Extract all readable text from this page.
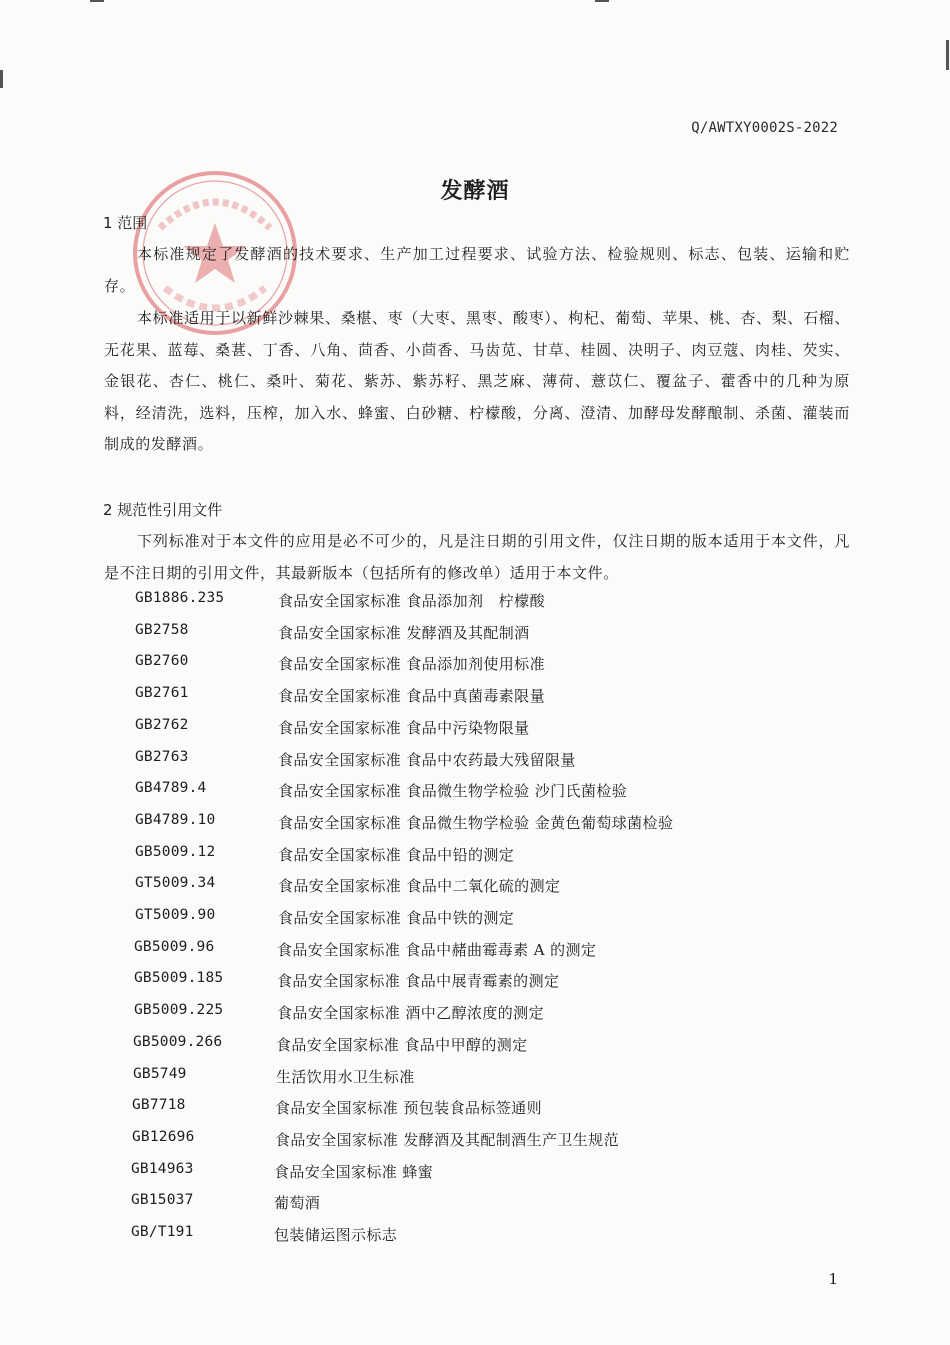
Q/AWTXY0002S-2022
发酵酒
1 范围

本标准规定了发酵酒的技术要求、生产加工过程要求、试验方法、检验规则、标志、包装、运输和贮存。

本标准适用于以新鲜沙棘果、桑椹、枣（大枣、黑枣、酸枣）、枸杞、葡萄、苹果、桃、杏、梨、石榴、无花果、蓝莓、桑葚、丁香、八角、茴香、小茴香、马齿苋、甘草、桂圆、决明子、肉豆蔻、肉桂、芡实、金银花、杏仁、桃仁、桑叶、菊花、紫苏、紫苏籽、黑芝麻、薄荷、薏苡仁、覆盆子、藿香中的几种为原料，经清洗，选料，压榨，加入水、蜂蜜、白砂糖、柠檬酸，分离、澄清、加酵母发酵酿制、杀菌、灌装而制成的发酵酒。

2 规范性引用文件

下列标准对于本文件的应用是必不可少的，凡是注日期的引用文件，仅注日期的版本适用于本文件，凡是不注日期的引用文件，其最新版本（包括所有的修改单）适用于本文件。

GB1886.235	食品安全国家标准 食品添加剂　柠檬酸
GB2758	食品安全国家标准 发酵酒及其配制酒
GB2760	食品安全国家标准 食品添加剂使用标准
GB2761	食品安全国家标准 食品中真菌毒素限量
GB2762	食品安全国家标准 食品中污染物限量
GB2763	食品安全国家标准 食品中农药最大残留限量
GB4789.4	食品安全国家标准 食品微生物学检验 沙门氏菌检验
GB4789.10	食品安全国家标准 食品微生物学检验 金黄色葡萄球菌检验
GB5009.12	食品安全国家标准 食品中铅的测定
GT5009.34	食品安全国家标准 食品中二氧化硫的测定
GT5009.90	食品安全国家标准 食品中铁的测定
GB5009.96	食品安全国家标准 食品中赭曲霉毒素 A 的测定
GB5009.185	食品安全国家标准 食品中展青霉素的测定
GB5009.225	食品安全国家标准 酒中乙醇浓度的测定
GB5009.266	食品安全国家标准 食品中甲醇的测定
GB5749	生活饮用水卫生标准
GB7718	食品安全国家标准 预包装食品标签通则
GB12696	食品安全国家标准 发酵酒及其配制酒生产卫生规范
GB14963	食品安全国家标准 蜂蜜
GB15037	葡萄酒
GB/T191	包装储运图示标志
1
